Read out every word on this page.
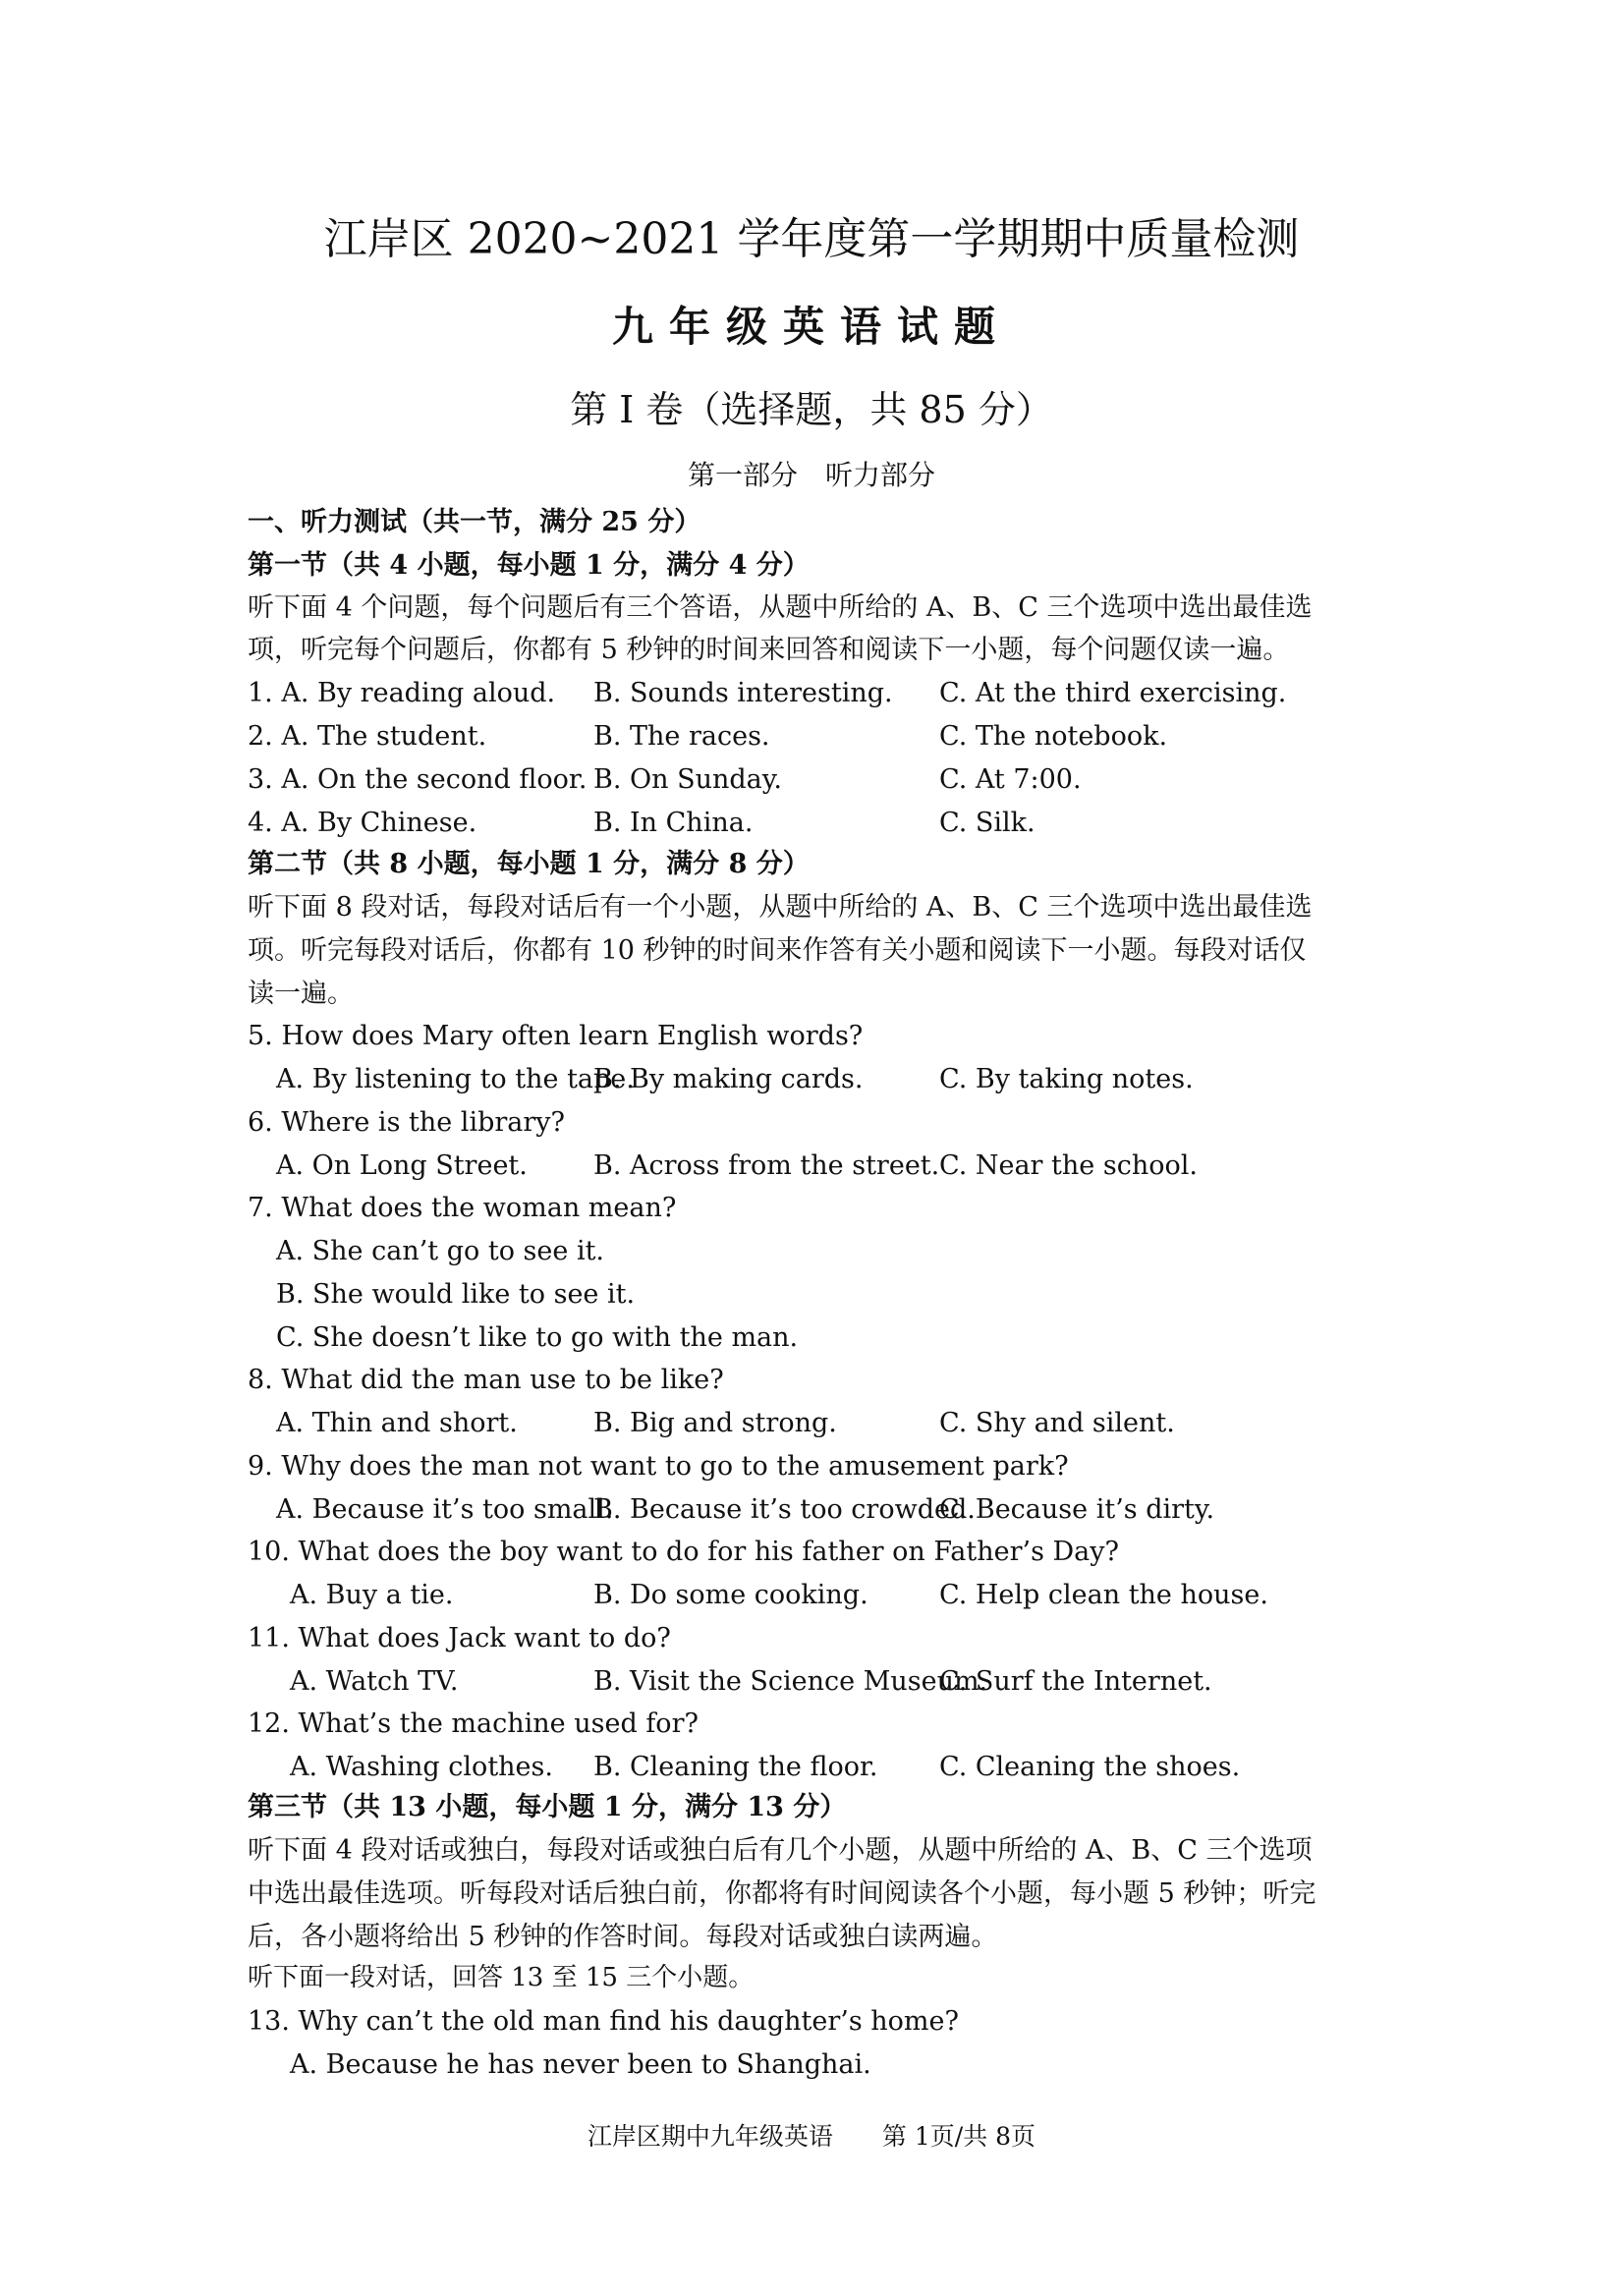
江岸区 2020~2021 学年度第一学期期中质量检测
九年级英语试题
第 I 卷（选择题，共 85 分）
第一部分　听力部分
一、听力测试（共一节，满分 25 分）
第一节（共 4 小题，每小题 1 分，满分 4 分）
听下面 4 个问题，每个问题后有三个答语，从题中所给的 A、B、C 三个选项中选出最佳选
项，听完每个问题后，你都有 5 秒钟的时间来回答和阅读下一小题，每个问题仅读一遍。
1. A. By reading aloud. B. Sounds interesting. C. At the third exercising.
2. A. The student.	B. The races.	C. The notebook.
3. A. On the second floor. B. On Sunday.	C. At 7:00.
4. A. By Chinese.	B. In China.	C. Silk.
第二节（共 8 小题，每小题 1 分，满分 8 分）
听下面 8 段对话，每段对话后有一个小题，从题中所给的 A、B、C 三个选项中选出最佳选
项。听完每段对话后，你都有 10 秒钟的时间来作答有关小题和阅读下一小题。每段对话仅
读一遍。
5. How does Mary often learn English words?
A. By listening to the tape.
B. By making cards.	C. By taking notes.
6. Where is the library?
A. On Long Street. B. Across from the street. C. Near the school.
7. What does the woman mean?
A. She can’t go to see it.
B. She would like to see it.
C. She doesn’t like to go with the man.
8. What did the man use to be like?
A. Thin and short.	B. Big and strong.	C. Shy and silent.
9. Why does the man not want to go to the amusement park?
A. Because it’s too small.
B. Because it’s too crowded.
C. Because it’s dirty.
10. What does the boy want to do for his father on Father’s Day?
A. Buy a tie.	B. Do some cooking.	C. Help clean the house.
11. What does Jack want to do?
A. Watch TV.	B. Visit the Science Museum.
C. Surf the Internet.
12. What’s the machine used for?
A. Washing clothes. B. Cleaning the floor. C. Cleaning the shoes.
第三节（共 13 小题，每小题 1 分，满分 13 分）
听下面 4 段对话或独白，每段对话或独白后有几个小题，从题中所给的 A、B、C 三个选项
中选出最佳选项。听每段对话后独白前，你都将有时间阅读各个小题，每小题 5 秒钟；听完
后，各小题将给出 5 秒钟的作答时间。每段对话或独白读两遍。
听下面一段对话，回答 13 至 15 三个小题。
13. Why can’t the old man find his daughter’s home?
A. Because he has never been to Shanghai.
江岸区期中九年级英语　　第 1页/共 8页
